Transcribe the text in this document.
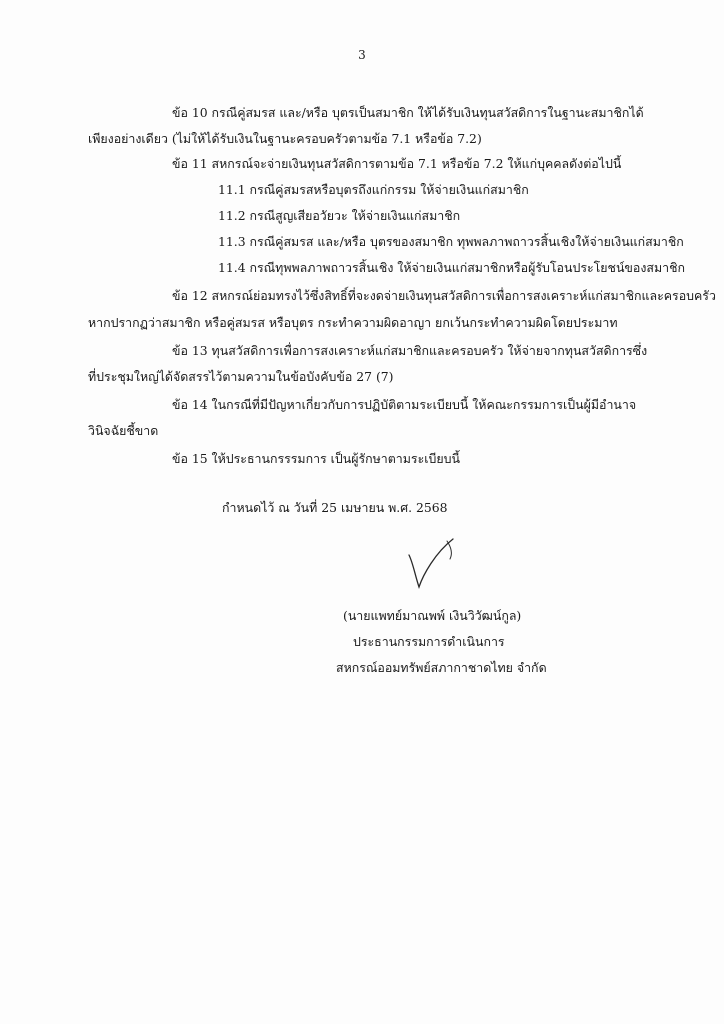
3
ข้อ 10 กรณีคู่สมรส และ/หรือ บุตรเป็นสมาชิก ให้ได้รับเงินทุนสวัสดิการในฐานะสมาชิกได้
เพียงอย่างเดียว (ไม่ให้ได้รับเงินในฐานะครอบครัวตามข้อ 7.1 หรือข้อ 7.2)
ข้อ 11 สหกรณ์จะจ่ายเงินทุนสวัสดิการตามข้อ 7.1 หรือข้อ 7.2 ให้แก่บุคคลดังต่อไปนี้
11.1 กรณีคู่สมรสหรือบุตรถึงแก่กรรม ให้จ่ายเงินแก่สมาชิก
11.2 กรณีสูญเสียอวัยวะ ให้จ่ายเงินแก่สมาชิก
11.3 กรณีคู่สมรส และ/หรือ บุตรของสมาชิก ทุพพลภาพถาวรสิ้นเชิงให้จ่ายเงินแก่สมาชิก
11.4 กรณีทุพพลภาพถาวรสิ้นเชิง ให้จ่ายเงินแก่สมาชิกหรือผู้รับโอนประโยชน์ของสมาชิก
ข้อ 12 สหกรณ์ย่อมทรงไว้ซึ่งสิทธิ์ที่จะงดจ่ายเงินทุนสวัสดิการเพื่อการสงเคราะห์แก่สมาชิกและครอบครัว
หากปรากฏว่าสมาชิก หรือคู่สมรส หรือบุตร กระทำความผิดอาญา ยกเว้นกระทำความผิดโดยประมาท
ข้อ 13 ทุนสวัสดิการเพื่อการสงเคราะห์แก่สมาชิกและครอบครัว ให้จ่ายจากทุนสวัสดิการซึ่ง
ที่ประชุมใหญ่ได้จัดสรรไว้ตามความในข้อบังคับข้อ 27 (7)
ข้อ 14 ในกรณีที่มีปัญหาเกี่ยวกับการปฏิบัติตามระเบียบนี้ ให้คณะกรรมการเป็นผู้มีอำนาจ
วินิจฉัยชี้ขาด
ข้อ 15 ให้ประธานกรรรมการ เป็นผู้รักษาตามระเบียบนี้
กำหนดไว้ ณ วันที่ 25 เมษายน พ.ศ. 2568
(นายแพทย์มาณพพ์ เงินวิวัฒน์กูล)
ประธานกรรมการดำเนินการ
สหกรณ์ออมทรัพย์สภากาชาดไทย จำกัด
